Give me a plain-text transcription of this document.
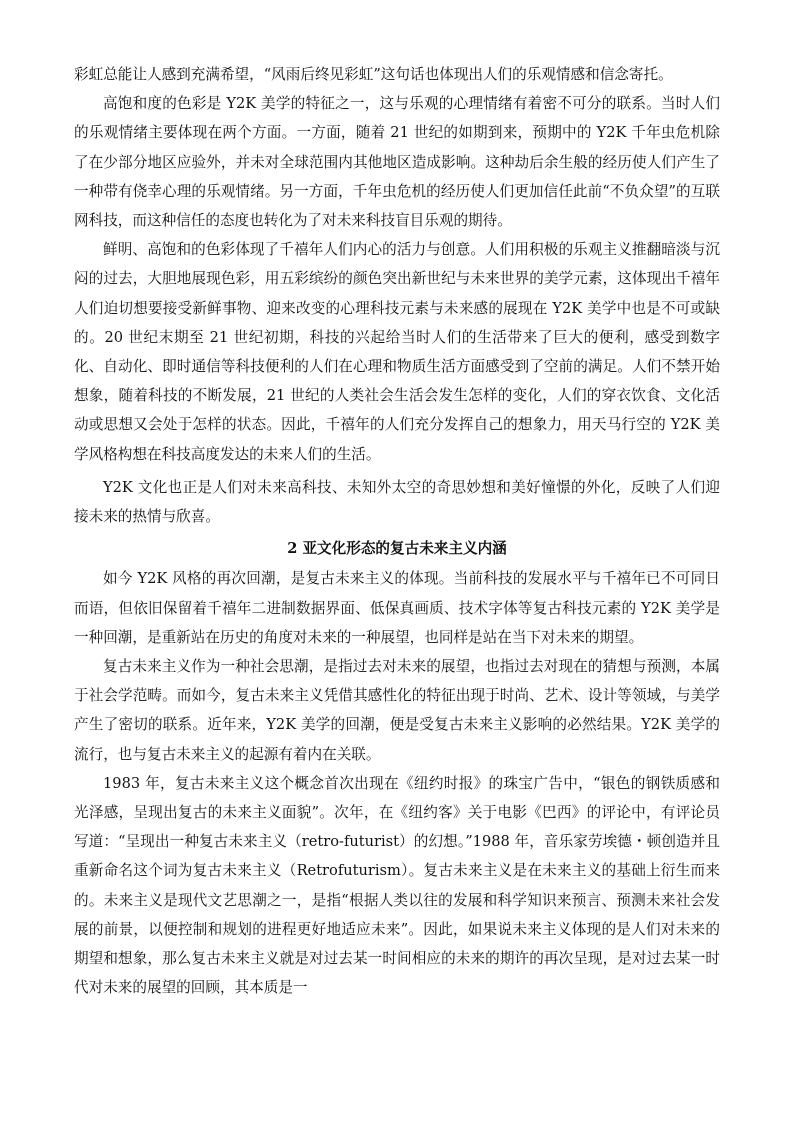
彩虹总能让人感到充满希望，“风雨后终见彩虹”这句话也体现出人们的乐观情感和信念寄托。

高饱和度的色彩是 Y2K 美学的特征之一，这与乐观的心理情绪有着密不可分的联系。当时人们的乐观情绪主要体现在两个方面。一方面，随着 21 世纪的如期到来，预期中的 Y2K 千年虫危机除了在少部分地区应验外，并未对全球范围内其他地区造成影响。这种劫后余生般的经历使人们产生了一种带有侥幸心理的乐观情绪。另一方面，千年虫危机的经历使人们更加信任此前“不负众望”的互联网科技，而这种信任的态度也转化为了对未来科技盲目乐观的期待。

鲜明、高饱和的色彩体现了千禧年人们内心的活力与创意。人们用积极的乐观主义推翻暗淡与沉闷的过去，大胆地展现色彩，用五彩缤纷的颜色突出新世纪与未来世界的美学元素，这体现出千禧年人们迫切想要接受新鲜事物、迎来改变的心理科技元素与未来感的展现在 Y2K 美学中也是不可或缺的。20 世纪末期至 21 世纪初期，科技的兴起给当时人们的生活带来了巨大的便利，感受到数字化、自动化、即时通信等科技便利的人们在心理和物质生活方面感受到了空前的满足。人们不禁开始想象，随着科技的不断发展，21 世纪的人类社会生活会发生怎样的变化，人们的穿衣饮食、文化活动或思想又会处于怎样的状态。因此，千禧年的人们充分发挥自己的想象力，用天马行空的 Y2K 美学风格构想在科技高度发达的未来人们的生活。

Y2K 文化也正是人们对未来高科技、未知外太空的奇思妙想和美好憧憬的外化，反映了人们迎接未来的热情与欣喜。

2 亚文化形态的复古未来主义内涵

如今 Y2K 风格的再次回潮，是复古未来主义的体现。当前科技的发展水平与千禧年已不可同日而语，但依旧保留着千禧年二进制数据界面、低保真画质、技术字体等复古科技元素的 Y2K 美学是一种回潮，是重新站在历史的角度对未来的一种展望，也同样是站在当下对未来的期望。

复古未来主义作为一种社会思潮，是指过去对未来的展望，也指过去对现在的猜想与预测，本属于社会学范畴。而如今，复古未来主义凭借其感性化的特征出现于时尚、艺术、设计等领域，与美学产生了密切的联系。近年来，Y2K 美学的回潮，便是受复古未来主义影响的必然结果。Y2K 美学的流行，也与复古未来主义的起源有着内在关联。

1983 年，复古未来主义这个概念首次出现在《纽约时报》的珠宝广告中，“银色的钢铁质感和光泽感，呈现出复古的未来主义面貌”。次年，在《纽约客》关于电影《巴西》的评论中，有评论员写道：“呈现出一种复古未来主义（retro-futurist）的幻想。”1988 年，音乐家劳埃德・顿创造并且重新命名这个词为复古未来主义（Retrofuturism）。复古未来主义是在未来主义的基础上衍生而来的。未来主义是现代文艺思潮之一，是指“根据人类以往的发展和科学知识来预言、预测未来社会发展的前景，以便控制和规划的进程更好地适应未来”。因此，如果说未来主义体现的是人们对未来的期望和想象，那么复古未来主义就是对过去某一时间相应的未来的期许的再次呈现，是对过去某一时代对未来的展望的回顾，其本质是一
